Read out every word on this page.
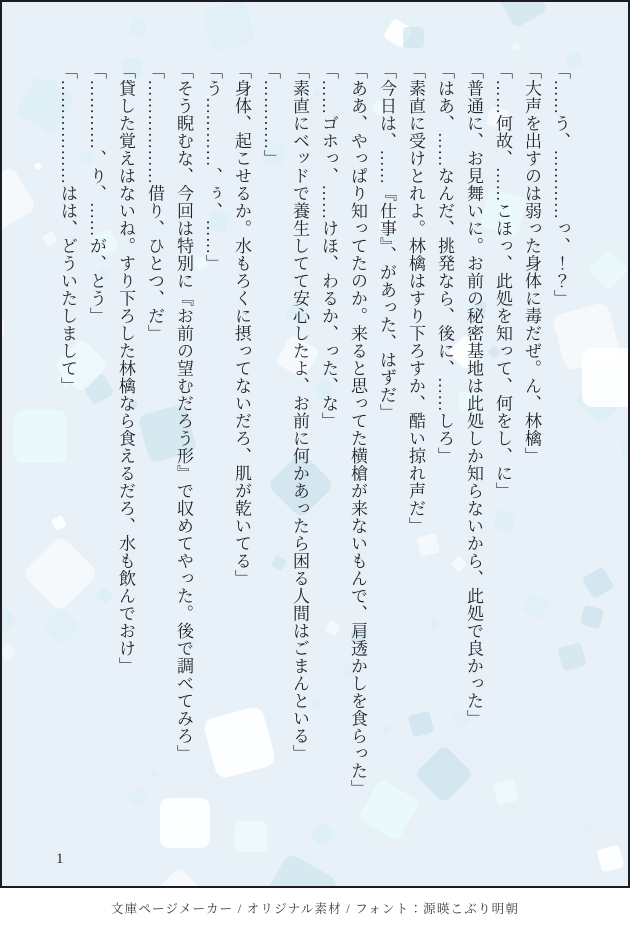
「……う、…………っ、！？」

「大声を出すのは弱った身体に毒だぜ。ん、林檎」

「……何故、……こほっ、此処を知って、何をし、に」

「普通に、お見舞いに。お前の秘密基地は此処しか知らないから、此処で良かった」

「はあ、……なんだ、挑発なら、後に、……しろ」

「素直に受けとれよ。林檎はすり下ろすか、酷い掠れ声だ」

「今日は、……『仕事』、があった、はずだ」

「ああ、やっぱり知ってたのか。来ると思ってた横槍が来ないもんで、肩透かしを食らった」

「……ゴホっ、……けほ、わるか、った、な」

「素直にベッドで養生してて安心したよ、お前に何かあったら困る人間はごまんといる」

「…………」

「身体、起こせるか。水もろくに摂ってないだろ、肌が乾いてる」

「う…………、ぅ、……」

「そう睨むな、今回は特別に『お前の望むだろう形』で収めてやった。後で調べてみろ」

「………………借り、ひとつ、だ」

「貸した覚えはないね。すり下ろした林檎なら食えるだろ、水も飲んでおけ」

「…………、り、……が、とう」

「………………はは、どういたしまして」

1
文庫ページメーカー / オリジナル素材 / フォント：源暎こぶり明朝
